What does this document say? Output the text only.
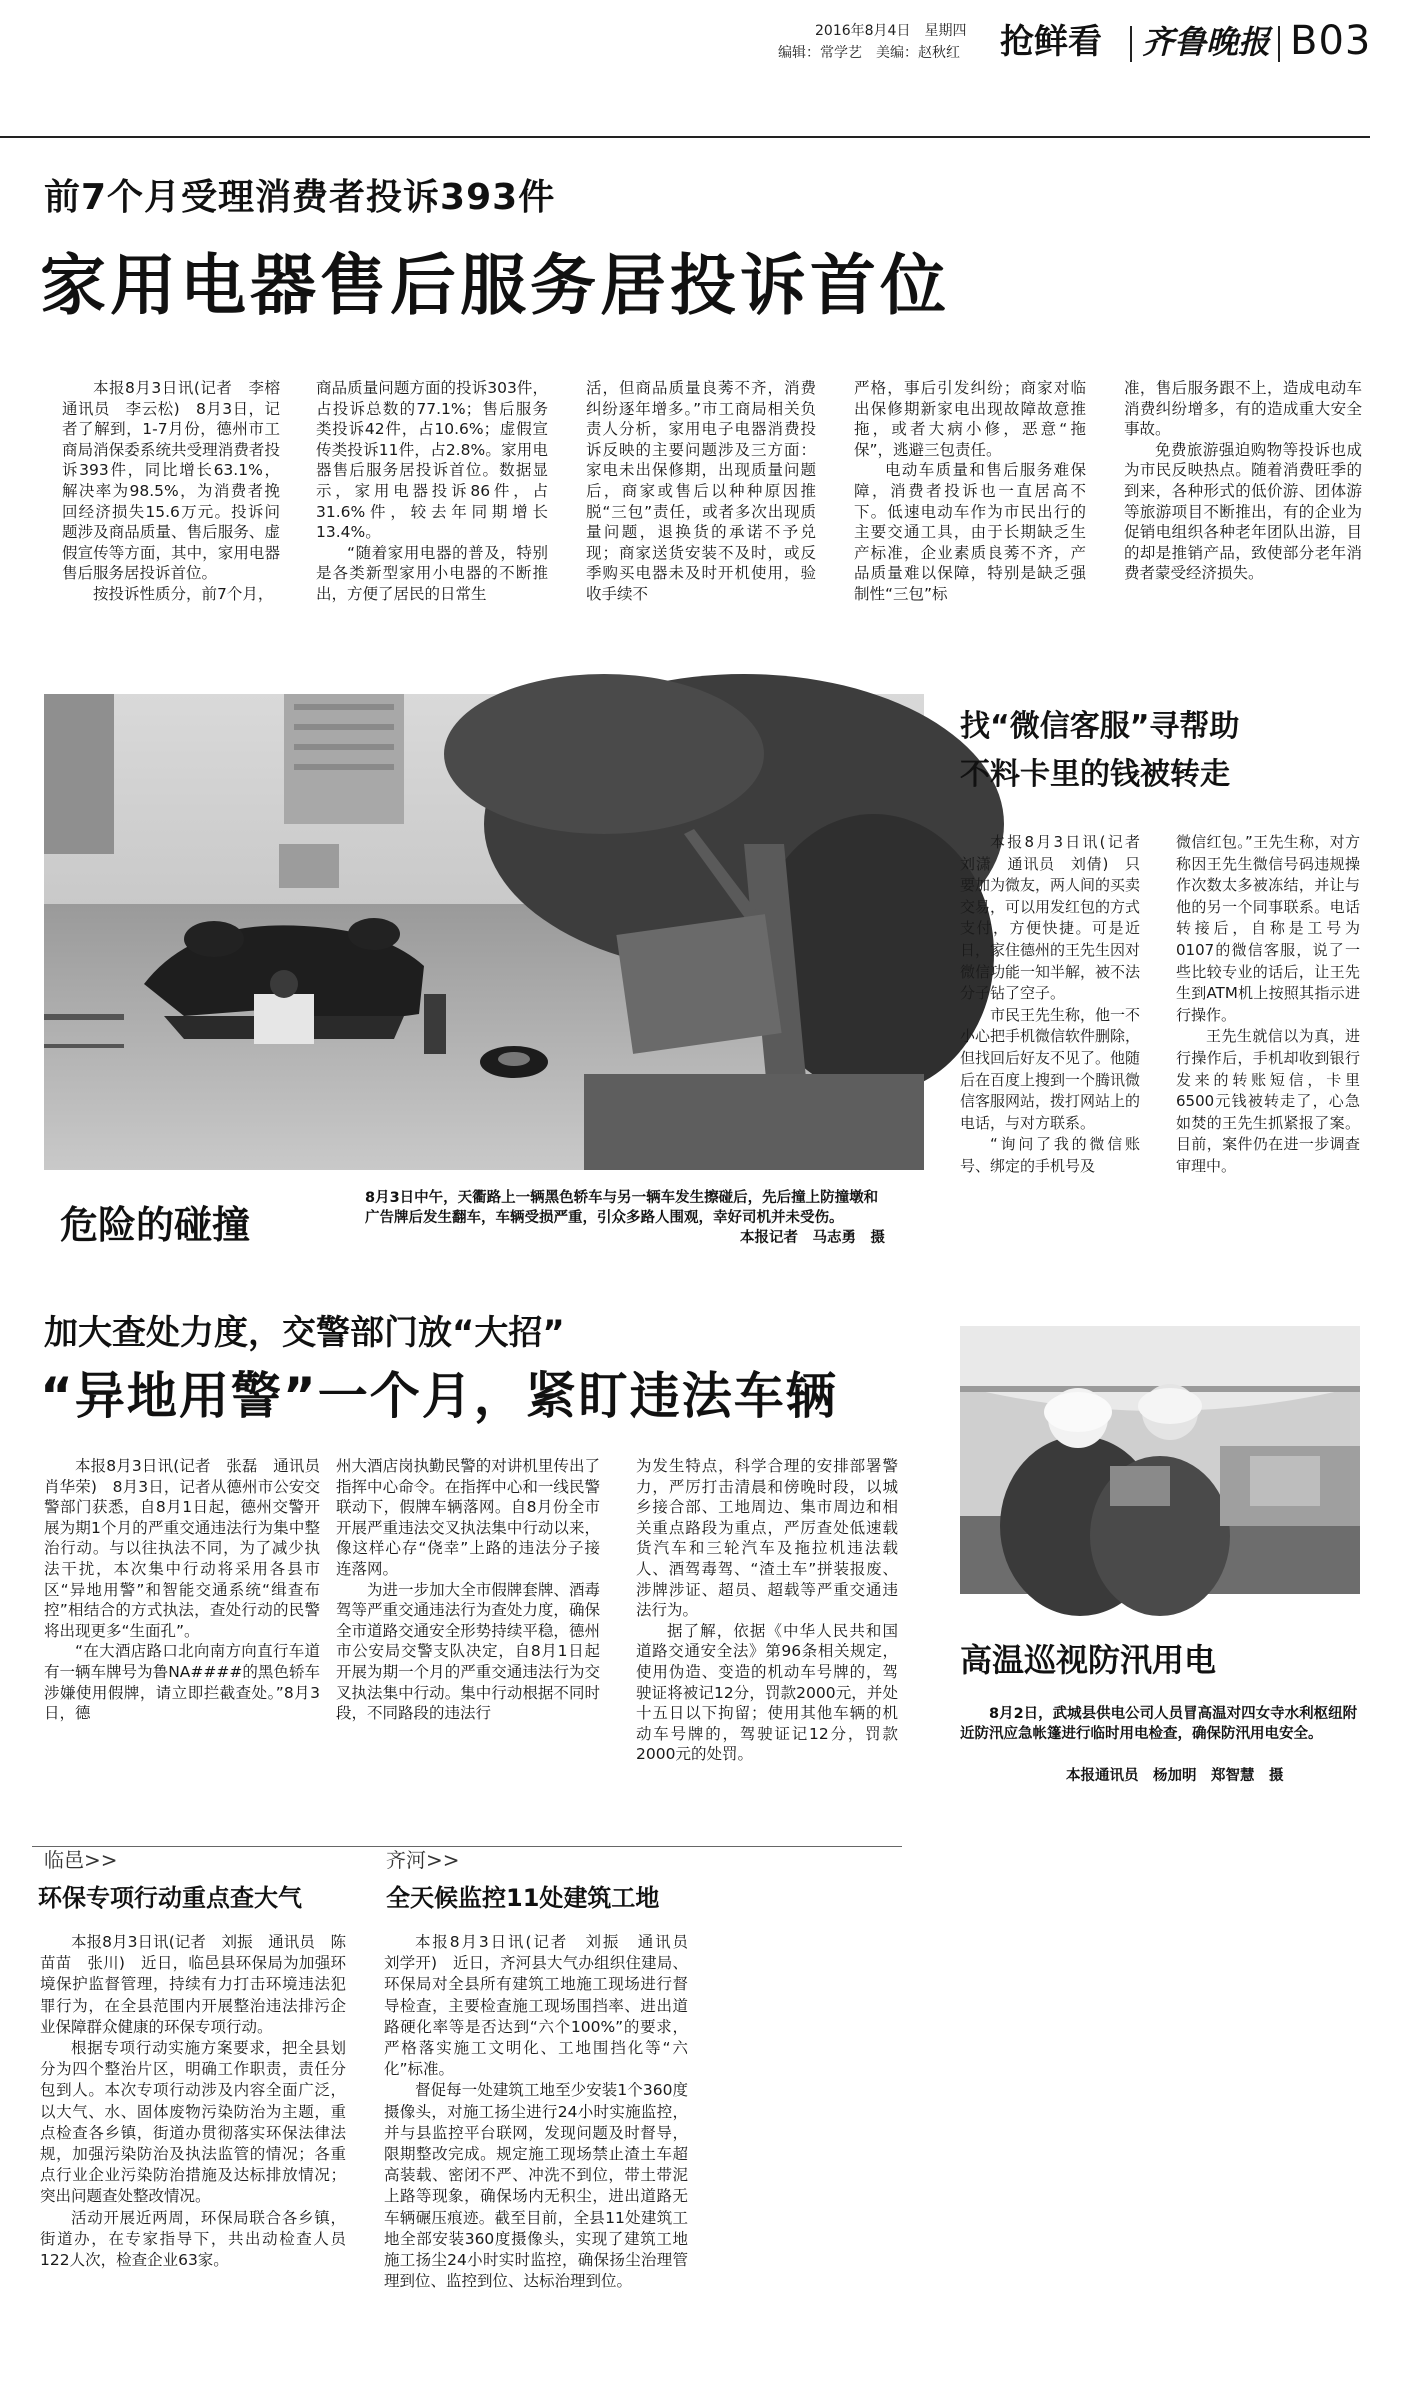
2016年8月4日　星期四
编辑：常学艺　美编：赵秋红 抢鲜看 齐鲁晚报 B03
前7个月受理消费者投诉393件
家用电器售后服务居投诉首位

本报8月3日讯(记者　李榕　通讯员　李云松)　8月3日，记者了解到，1-7月份，德州市工商局消保委系统共受理消费者投诉393件，同比增长63.1%，解决率为98.5%，为消费者挽回经济损失15.6万元。投诉问题涉及商品质量、售后服务、虚假宣传等方面，其中，家用电器售后服务居投诉首位。

按投诉性质分，前7个月，

商品质量问题方面的投诉303件，占投诉总数的77.1%；售后服务类投诉42件，占10.6%；虚假宣传类投诉11件，占2.8%。家用电器售后服务居投诉首位。数据显示，家用电器投诉86件，占31.6%件，较去年同期增长13.4%。

“随着家用电器的普及，特别是各类新型家用小电器的不断推出，方便了居民的日常生

活，但商品质量良莠不齐，消费纠纷逐年增多。”市工商局相关负责人分析，家用电子电器消费投诉反映的主要问题涉及三方面：家电未出保修期，出现质量问题后，商家或售后以种种原因推脱“三包”责任，或者多次出现质量问题，退换货的承诺不予兑现；商家送货安装不及时，或反季购买电器未及时开机使用，验收手续不

严格，事后引发纠纷；商家对临出保修期新家电出现故障故意推拖，或者大病小修，恶意“拖保”，逃避三包责任。

电动车质量和售后服务难保障，消费者投诉也一直居高不下。低速电动车作为市民出行的主要交通工具，由于长期缺乏生产标准，企业素质良莠不齐，产品质量难以保障，特别是缺乏强制性“三包”标

准，售后服务跟不上，造成电动车消费纠纷增多，有的造成重大安全事故。

免费旅游强迫购物等投诉也成为市民反映热点。随着消费旺季的到来，各种形式的低价游、团体游等旅游项目不断推出，有的企业为促销电组织各种老年团队出游，目的却是推销产品，致使部分老年消费者蒙受经济损失。

危险的碰撞
8月3日中午，天衢路上一辆黑色轿车与另一辆车发生擦碰后，先后撞上防撞墩和广告牌后发生翻车，车辆受损严重，引众多路人围观，幸好司机并未受伤。
本报记者　马志勇　摄
找“微信客服”寻帮助
不料卡里的钱被转走

本报8月3日讯(记者　刘潇　通讯员　刘倩)　只要加为微友，两人间的买卖交易，可以用发红包的方式支付，方便快捷。可是近日，家住德州的王先生因对微信功能一知半解，被不法分子钻了空子。

市民王先生称，他一不小心把手机微信软件删除，但找回后好友不见了。他随后在百度上搜到一个腾讯微信客服网站，拨打网站上的电话，与对方联系。

“询问了我的微信账号、绑定的手机号及

微信红包。”王先生称，对方称因王先生微信号码违规操作次数太多被冻结，并让与他的另一个同事联系。电话转接后，自称是工号为0107的微信客服，说了一些比较专业的话后，让王先生到ATM机上按照其指示进行操作。

王先生就信以为真，进行操作后，手机却收到银行发来的转账短信，卡里6500元钱被转走了，心急如焚的王先生抓紧报了案。目前，案件仍在进一步调查审理中。

加大查处力度，交警部门放“大招”
“异地用警”一个月，紧盯违法车辆

本报8月3日讯(记者　张磊　通讯员　肖华荣)　8月3日，记者从德州市公安交警部门获悉，自8月1日起，德州交警开展为期1个月的严重交通违法行为集中整治行动。与以往执法不同，为了减少执法干扰，本次集中行动将采用各县市区“异地用警”和智能交通系统“缉查布控”相结合的方式执法，查处行动的民警将出现更多“生面孔”。

“在大酒店路口北向南方向直行车道有一辆车牌号为鲁NA####的黑色轿车涉嫌使用假牌，请立即拦截查处。”8月3日，德

州大酒店岗执勤民警的对讲机里传出了指挥中心命令。在指挥中心和一线民警联动下，假牌车辆落网。自8月份全市开展严重违法交叉执法集中行动以来，像这样心存“侥幸”上路的违法分子接连落网。

为进一步加大全市假牌套牌、酒毒驾等严重交通违法行为查处力度，确保全市道路交通安全形势持续平稳，德州市公安局交警支队决定，自8月1日起开展为期一个月的严重交通违法行为交叉执法集中行动。集中行动根据不同时段，不同路段的违法行

为发生特点，科学合理的安排部署警力，严厉打击清晨和傍晚时段，以城乡接合部、工地周边、集市周边和相关重点路段为重点，严厉查处低速载货汽车和三轮汽车及拖拉机违法载人、酒驾毒驾、“渣土车”拼装报废、涉牌涉证、超员、超载等严重交通违法行为。

据了解，依据《中华人民共和国道路交通安全法》第96条相关规定，使用伪造、变造的机动车号牌的，驾驶证将被记12分，罚款2000元，并处十五日以下拘留；使用其他车辆的机动车号牌的，驾驶证记12分，罚款2000元的处罚。

高温巡视防汛用电
8月2日，武城县供电公司人员冒高温对四女寺水利枢纽附近防汛应急帐篷进行临时用电检查，确保防汛用电安全。
本报通讯员　杨加明　郑智慧　摄
临邑>>
环保专项行动重点查大气

本报8月3日讯(记者　刘振　通讯员　陈苗苗　张川)　近日，临邑县环保局为加强环境保护监督管理，持续有力打击环境违法犯罪行为，在全县范围内开展整治违法排污企业保障群众健康的环保专项行动。

根据专项行动实施方案要求，把全县划分为四个整治片区，明确工作职责，责任分包到人。本次专项行动涉及内容全面广泛，以大气、水、固体废物污染防治为主题，重点检查各乡镇，街道办贯彻落实环保法律法规，加强污染防治及执法监管的情况；各重点行业企业污染防治措施及达标排放情况；突出问题查处整改情况。

活动开展近两周，环保局联合各乡镇，街道办，在专家指导下，共出动检查人员122人次，检查企业63家。

齐河>>
全天候监控11处建筑工地

本报8月3日讯(记者　刘振　通讯员　刘学开)　近日，齐河县大气办组织住建局、环保局对全县所有建筑工地施工现场进行督导检查，主要检查施工现场围挡率、进出道路硬化率等是否达到“六个100%”的要求，严格落实施工文明化、工地围挡化等“六化”标准。

督促每一处建筑工地至少安装1个360度摄像头，对施工扬尘进行24小时实施监控，并与县监控平台联网，发现问题及时督导，限期整改完成。规定施工现场禁止渣土车超高装载、密闭不严、冲洗不到位，带土带泥上路等现象，确保场内无积尘，进出道路无车辆碾压痕迹。截至目前，全县11处建筑工地全部安装360度摄像头，实现了建筑工地施工扬尘24小时实时监控，确保扬尘治理管理到位、监控到位、达标治理到位。
